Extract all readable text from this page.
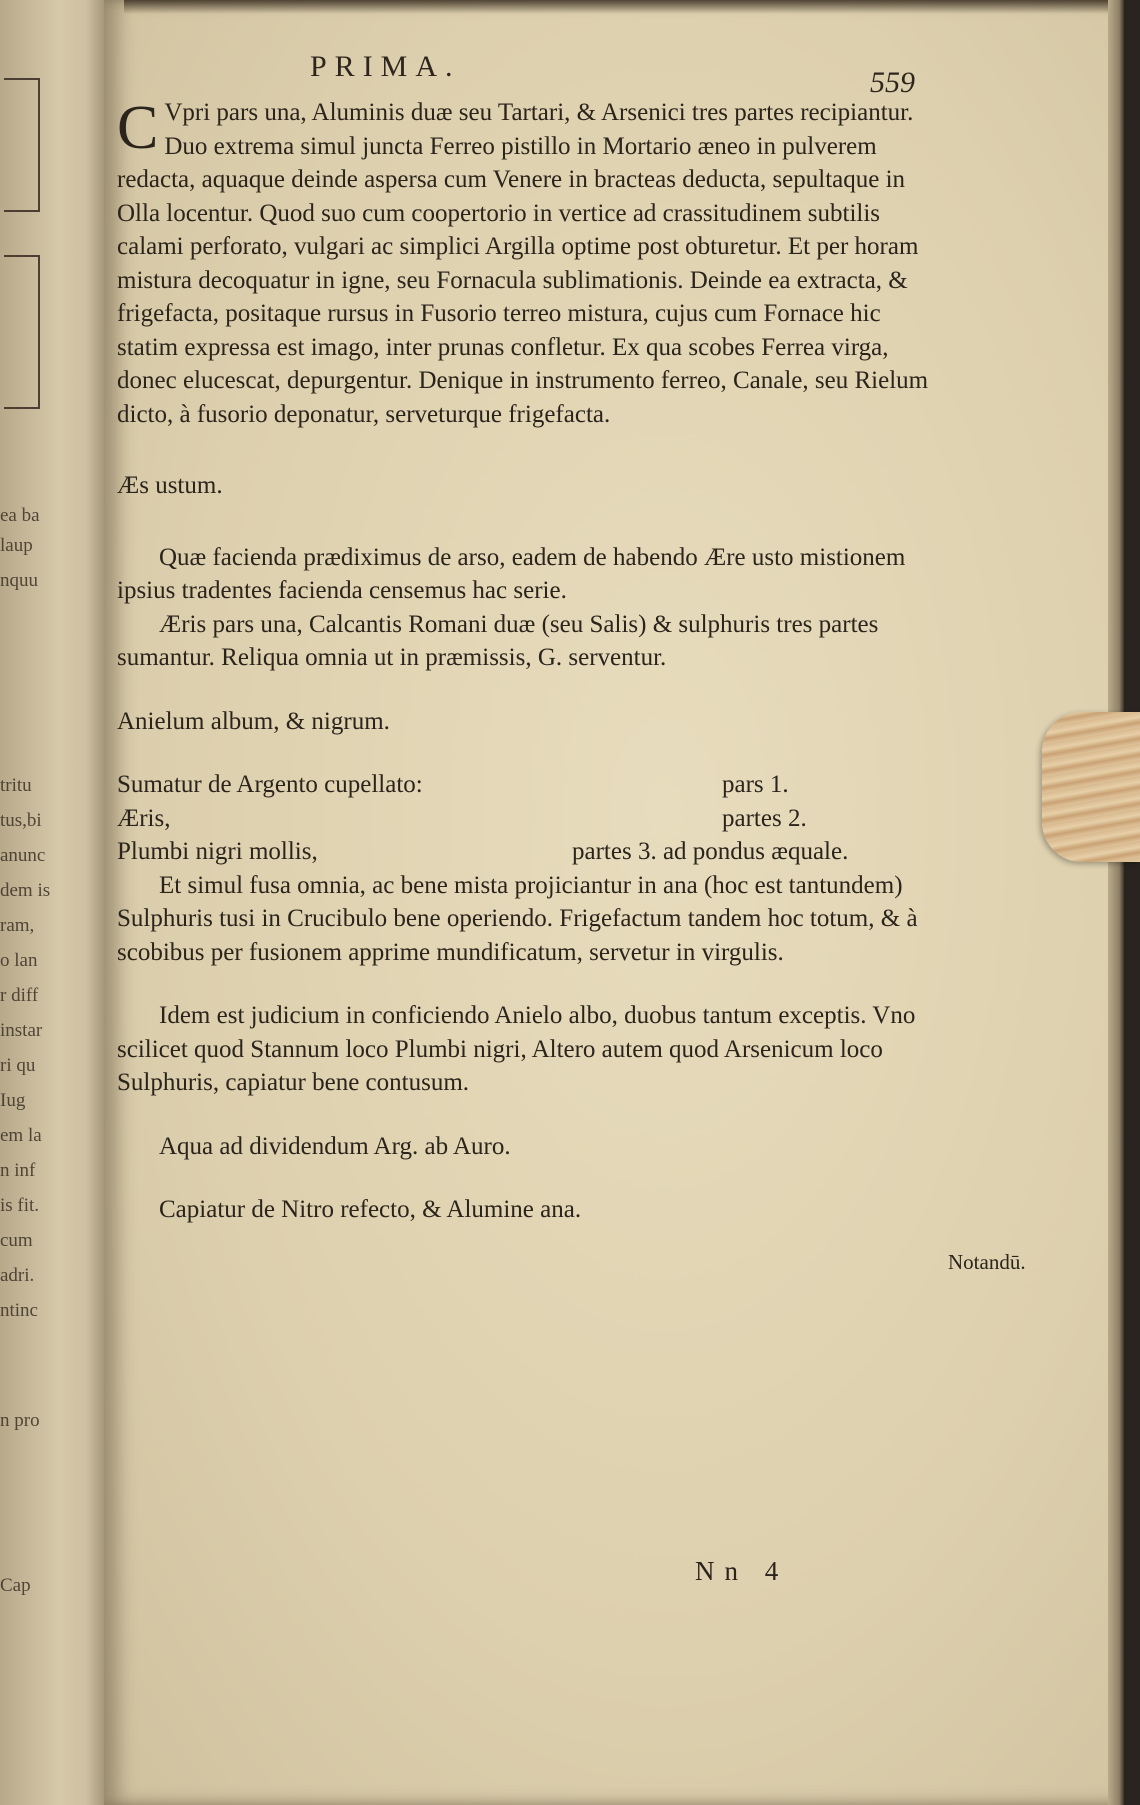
ea ba
laup
nquu
tritu
tus,bi
anunc
dem is
ram,
o lan
r diff
instar
ri qu
Iug
em la
n inf
is fit.
cum
adri.
ntinc
n pro
Cap
PRIMA.	559

C Vpri pars una, Aluminis duæ seu Tartari, & Arsenici tres partes recipiantur. Duo extrema simul juncta Ferreo pistillo in Mortario æneo in pulverem redacta, aquaque deinde aspersa cum Venere in bracteas deducta, sepultaque in Olla locentur. Quod suo cum coopertorio in vertice ad crassitudinem subtilis calami perforato, vulgari ac simplici Argilla optime post obturetur. Et per horam mistura decoquatur in igne, seu Fornacula sublimationis. Deinde ea extracta, & frigefacta, positaque rursus in Fusorio terreo mistura, cujus cum Fornace hic statim expressa est imago, inter prunas confletur. Ex qua scobes Ferrea virga, donec elucescat, depurgentur. Denique in instrumento ferreo, Canale, seu Rielum dicto, à fusorio deponatur, serveturque frigefacta.

Æs ustum.

Quæ facienda prædiximus de arso, eadem de habendo Ære usto mistionem ipsius tradentes facienda censemus hac serie.

Æris pars una, Calcantis Romani duæ (seu Salis) & sulphuris tres partes sumantur. Reliqua omnia ut in præmissis, G. serventur.

Anielum album, & nigrum.

Sumatur de Argento cupellato:	pars 1.
Æris,	partes 2.
Plumbi nigri mollis,	partes 3. ad pondus æquale.

Et simul fusa omnia, ac bene mista projiciantur in ana (hoc est tantundem) Sulphuris tusi in Crucibulo bene operiendo. Frigefactum tandem hoc totum, & à scobibus per fusionem apprime mundificatum, servetur in virgulis.

Idem est judicium in conficiendo Anielo albo, duobus tantum exceptis. Vno scilicet quod Stannum loco Plumbi nigri, Altero autem quod Arsenicum loco Sulphuris, capiatur bene contusum.

Aqua ad dividendum Arg. ab Auro.

Capiatur de Nitro refecto, & Alumine ana.

Notandū.
Nn 4
